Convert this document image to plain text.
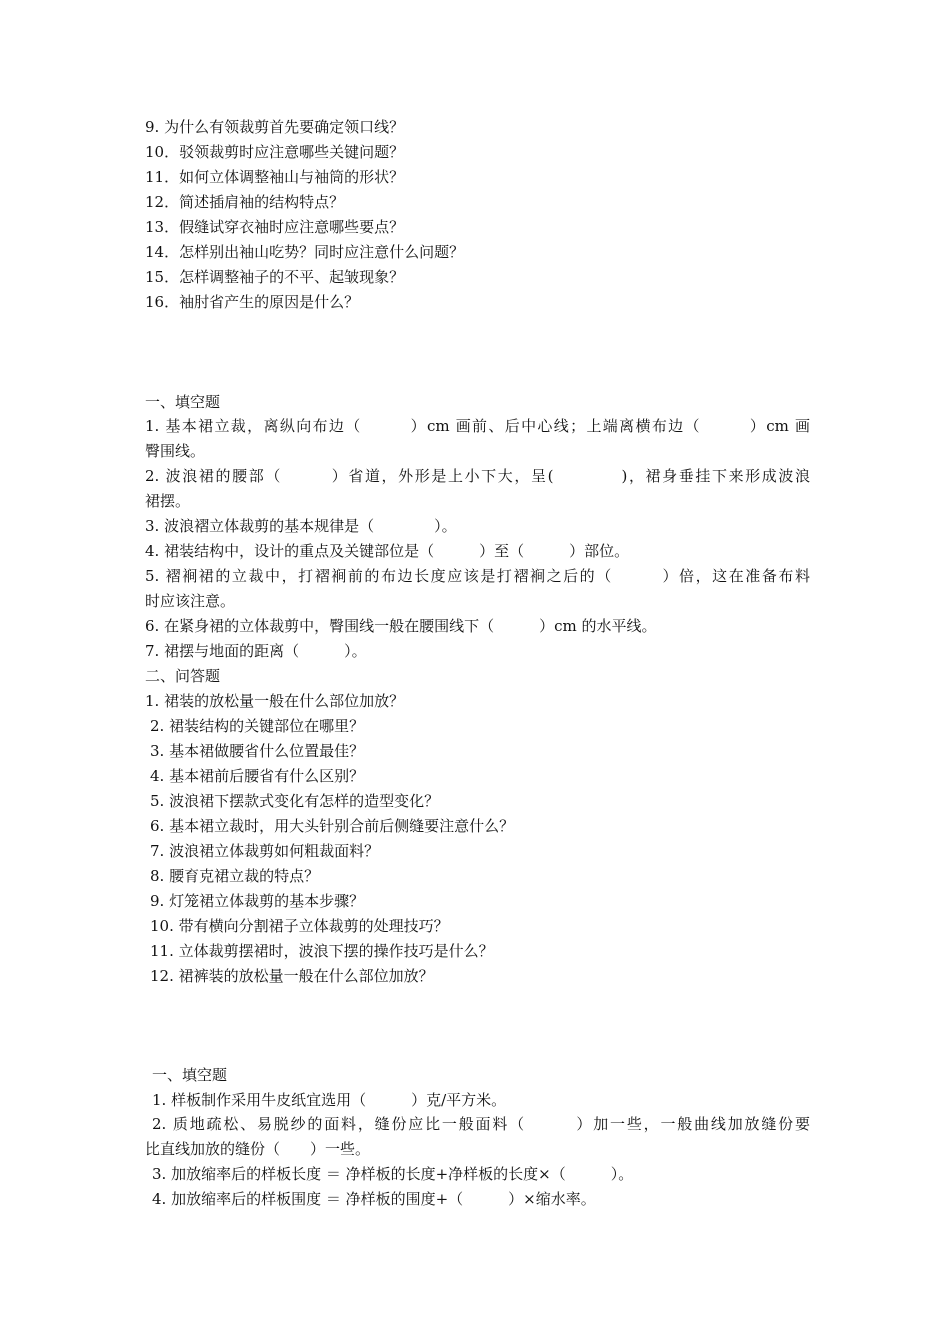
9. 为什么有领裁剪首先要确定领口线？
10．驳领裁剪时应注意哪些关键问题？
11．如何立体调整袖山与袖筒的形状？
12．简述插肩袖的结构特点？
13．假缝试穿衣袖时应注意哪些要点？
14．怎样别出袖山吃势？同时应注意什么问题？
15．怎样调整袖子的不平、起皱现象？
16．袖肘省产生的原因是什么？
一、填空题
1. 基本裙立裁，离纵向布边（　　　）cm 画前、后中心线；上端离横布边（　　　）cm 画
臀围线。
2. 波浪裙的腰部（　　　）省道，外形是上小下大，呈(　　　　)，裙身垂挂下来形成波浪
裙摆。
3. 波浪褶立体裁剪的基本规律是（　　　　）。
4. 裙装结构中，设计的重点及关键部位是（　　　）至（　　　）部位。
5. 褶裥裙的立裁中，打褶裥前的布边长度应该是打褶裥之后的（　　　）倍，这在准备布料
时应该注意。
6. 在紧身裙的立体裁剪中，臀围线一般在腰围线下（　　　）cm 的水平线。
7. 裙摆与地面的距离（　　　）。
二、问答题
1. 裙装的放松量一般在什么部位加放？
2. 裙装结构的关键部位在哪里？
3. 基本裙做腰省什么位置最佳？
4. 基本裙前后腰省有什么区别？
5. 波浪裙下摆款式变化有怎样的造型变化？
6. 基本裙立裁时，用大头针别合前后侧缝要注意什么？
7. 波浪裙立体裁剪如何粗裁面料？
8. 腰育克裙立裁的特点？
9. 灯笼裙立体裁剪的基本步骤？
10. 带有横向分割裙子立体裁剪的处理技巧？
11. 立体裁剪摆裙时，波浪下摆的操作技巧是什么？
12. 裙裤装的放松量一般在什么部位加放？
一、填空题
1. 样板制作采用牛皮纸宜选用（　　　）克/平方米。
2. 质地疏松、易脱纱的面料，缝份应比一般面料（　　　）加一些，一般曲线加放缝份要
比直线加放的缝份（　　）一些。
3. 加放缩率后的样板长度 ＝ 净样板的长度+净样板的长度×（　　　）。
4. 加放缩率后的样板围度 ＝ 净样板的围度+（　　　）×缩水率。
